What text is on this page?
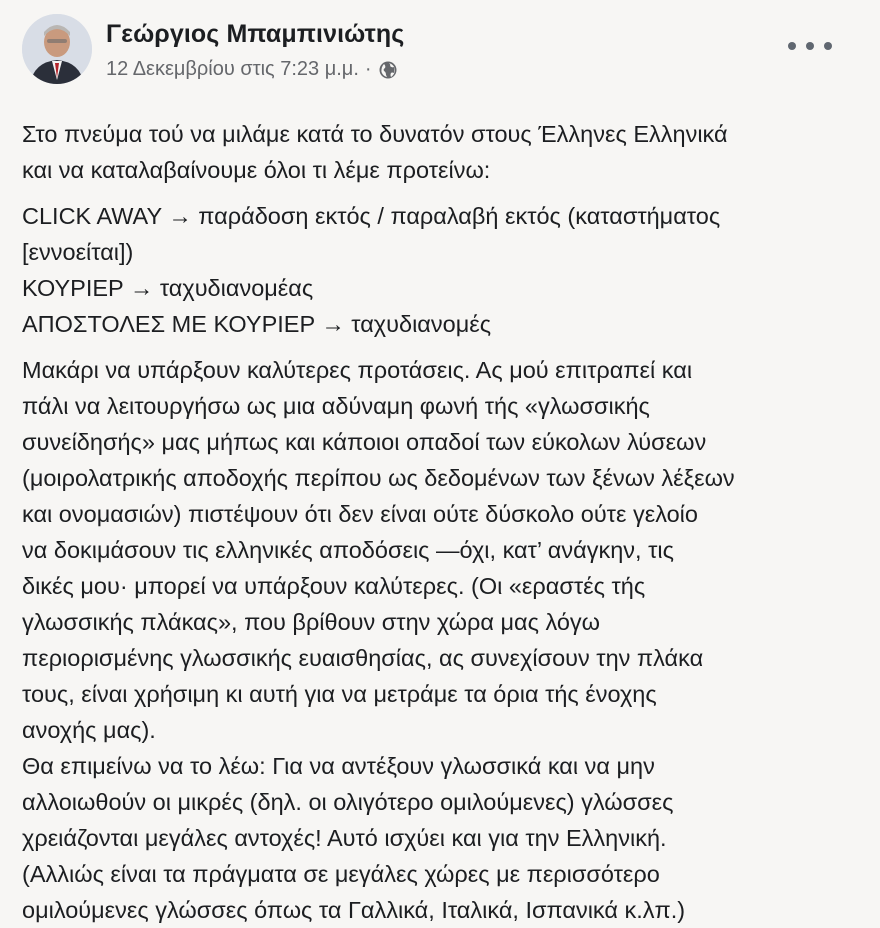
Γεώργιος Μπαμπινιώτης
12 Δεκεμβρίου στις 7:23 μ.μ. ·

Στο πνεύμα τού να μιλάμε κατά το δυνατόν στους Έλληνες Ελληνικά
και να καταλαβαίνουμε όλοι τι λέμε προτείνω:

CLICK AWAY → παράδοση εκτός / παραλαβή εκτός (καταστήματος
[εννοείται])
ΚΟΥΡΙΕΡ → ταχυδιανομέας
ΑΠΟΣΤΟΛΕΣ ΜΕ ΚΟΥΡΙΕΡ → ταχυδιανομές

Μακάρι να υπάρξουν καλύτερες προτάσεις. Ας μού επιτραπεί και
πάλι να λειτουργήσω ως μια αδύναμη φωνή τής «γλωσσικής
συνείδησής» μας μήπως και κάποιοι οπαδοί των εύκολων λύσεων
(μοιρολατρικής αποδοχής περίπου ως δεδομένων των ξένων λέξεων
και ονομασιών) πιστέψουν ότι δεν είναι ούτε δύσκολο ούτε γελοίο
να δοκιμάσουν τις ελληνικές αποδόσεις —όχι, κατ’ ανάγκην, τις
δικές μου· μπορεί να υπάρξουν καλύτερες. (Οι «εραστές τής
γλωσσικής πλάκας», που βρίθουν στην χώρα μας λόγω
περιορισμένης γλωσσικής ευαισθησίας, ας συνεχίσουν την πλάκα
τους, είναι χρήσιμη κι αυτή για να μετράμε τα όρια τής ένοχης
ανοχής μας).
Θα επιμείνω να το λέω: Για να αντέξουν γλωσσικά και να μην
αλλοιωθούν οι μικρές (δηλ. οι ολιγότερο ομιλούμενες) γλώσσες
χρειάζονται μεγάλες αντοχές! Αυτό ισχύει και για την Ελληνική.
(Αλλιώς είναι τα πράγματα σε μεγάλες χώρες με περισσότερο
ομιλούμενες γλώσσες όπως τα Γαλλικά, Ιταλικά, Ισπανικά κ.λπ.)
